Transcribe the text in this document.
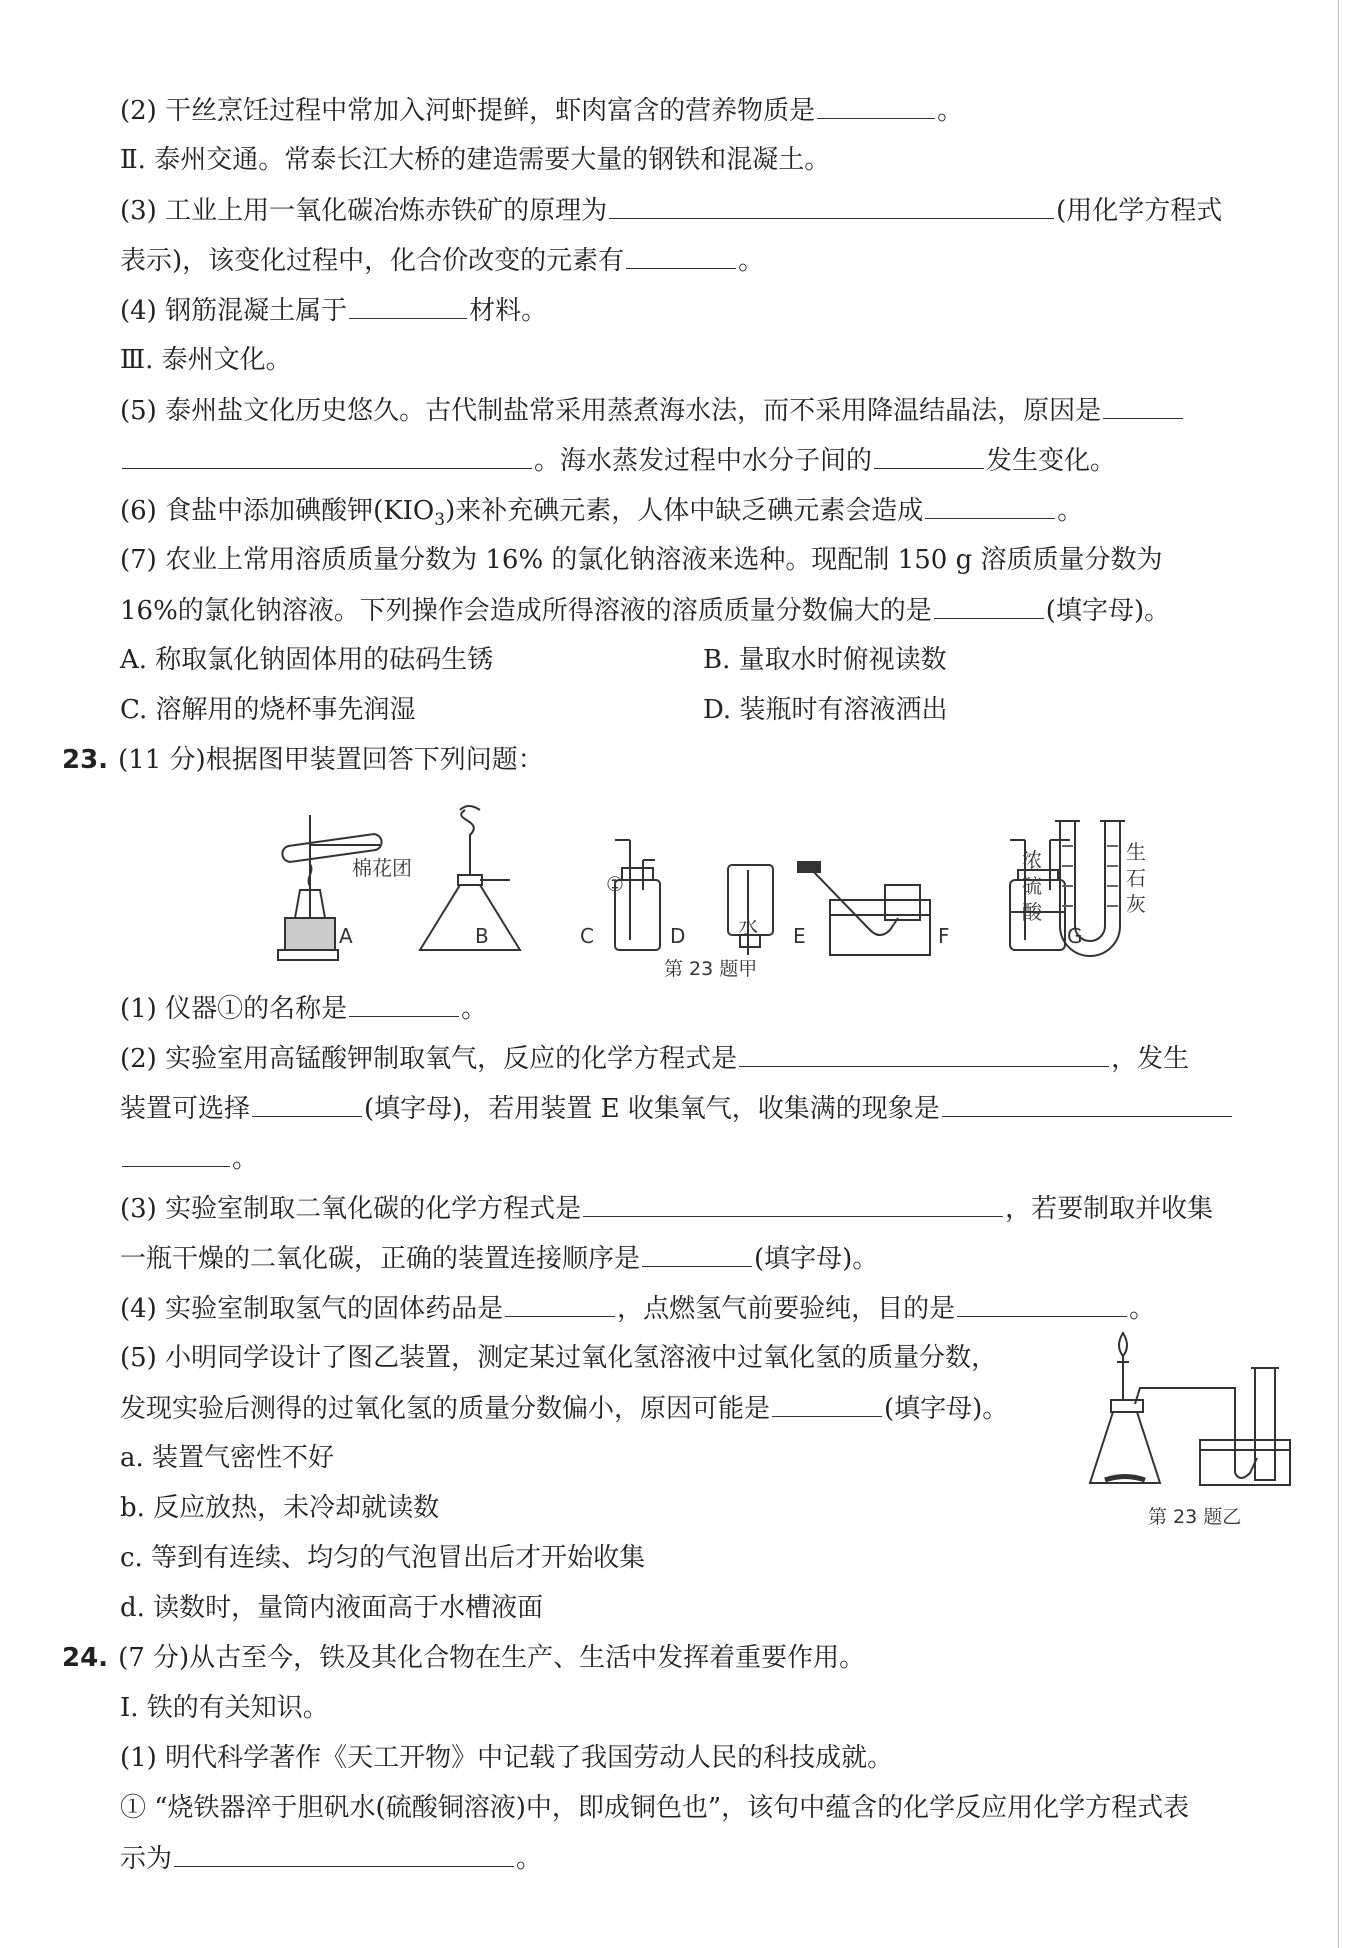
(2) 干丝烹饪过程中常加入河虾提鲜，虾肉富含的营养物质是	。
Ⅱ. 泰州交通。常泰长江大桥的建造需要大量的钢铁和混凝土。
(3) 工业上用一氧化碳冶炼赤铁矿的原理为	(用化学方程式
表示)，该变化过程中，化合价改变的元素有	。
(4) 钢筋混凝土属于	材料。
Ⅲ. 泰州文化。
(5) 泰州盐文化历史悠久。古代制盐常采用蒸煮海水法，而不采用降温结晶法，原因是
。海水蒸发过程中水分子间的	发生变化。
(6) 食盐中添加碘酸钾$(KIO_3)$来补充碘元素，人体中缺乏碘元素会造成	。
(7) 农业上常用溶质质量分数为 16% 的氯化钠溶液来选种。现配制 150 g 溶质质量分数为
16%的氯化钠溶液。下列操作会造成所得溶液的溶质质量分数偏大的是	(填字母)。
A. 称取氯化钠固体用的砝码生锈	B. 量取水时俯视读数
C. 溶解用的烧杯事先润湿	D. 装瓶时有溶液洒出
23. (11 分)根据图甲装置回答下列问题：
棉花团
①
水
浓
硫
酸
生
石
灰
A	B	C	D	E	F	G
第 23 题甲
(1) 仪器①的名称是	。
(2) 实验室用高锰酸钾制取氧气，反应的化学方程式是	，发生
装置可选择	(填字母)，若用装置 E 收集氧气，收集满的现象是
。
(3) 实验室制取二氧化碳的化学方程式是	，若要制取并收集
一瓶干燥的二氧化碳，正确的装置连接顺序是	(填字母)。
(4) 实验室制取氢气的固体药品是	，点燃氢气前要验纯，目的是	。
(5) 小明同学设计了图乙装置，测定某过氧化氢溶液中过氧化氢的质量分数，
发现实验后测得的过氧化氢的质量分数偏小，原因可能是	(填字母)。
a. 装置气密性不好
b. 反应放热，未冷却就读数
c. 等到有连续、均匀的气泡冒出后才开始收集
d. 读数时，量筒内液面高于水槽液面
第 23 题乙
24. (7 分)从古至今，铁及其化合物在生产、生活中发挥着重要作用。
Ⅰ. 铁的有关知识。
(1) 明代科学著作《天工开物》中记载了我国劳动人民的科技成就。
① “烧铁器淬于胆矾水(硫酸铜溶液)中，即成铜色也”，该句中蕴含的化学反应用化学方程式表
示为	。
